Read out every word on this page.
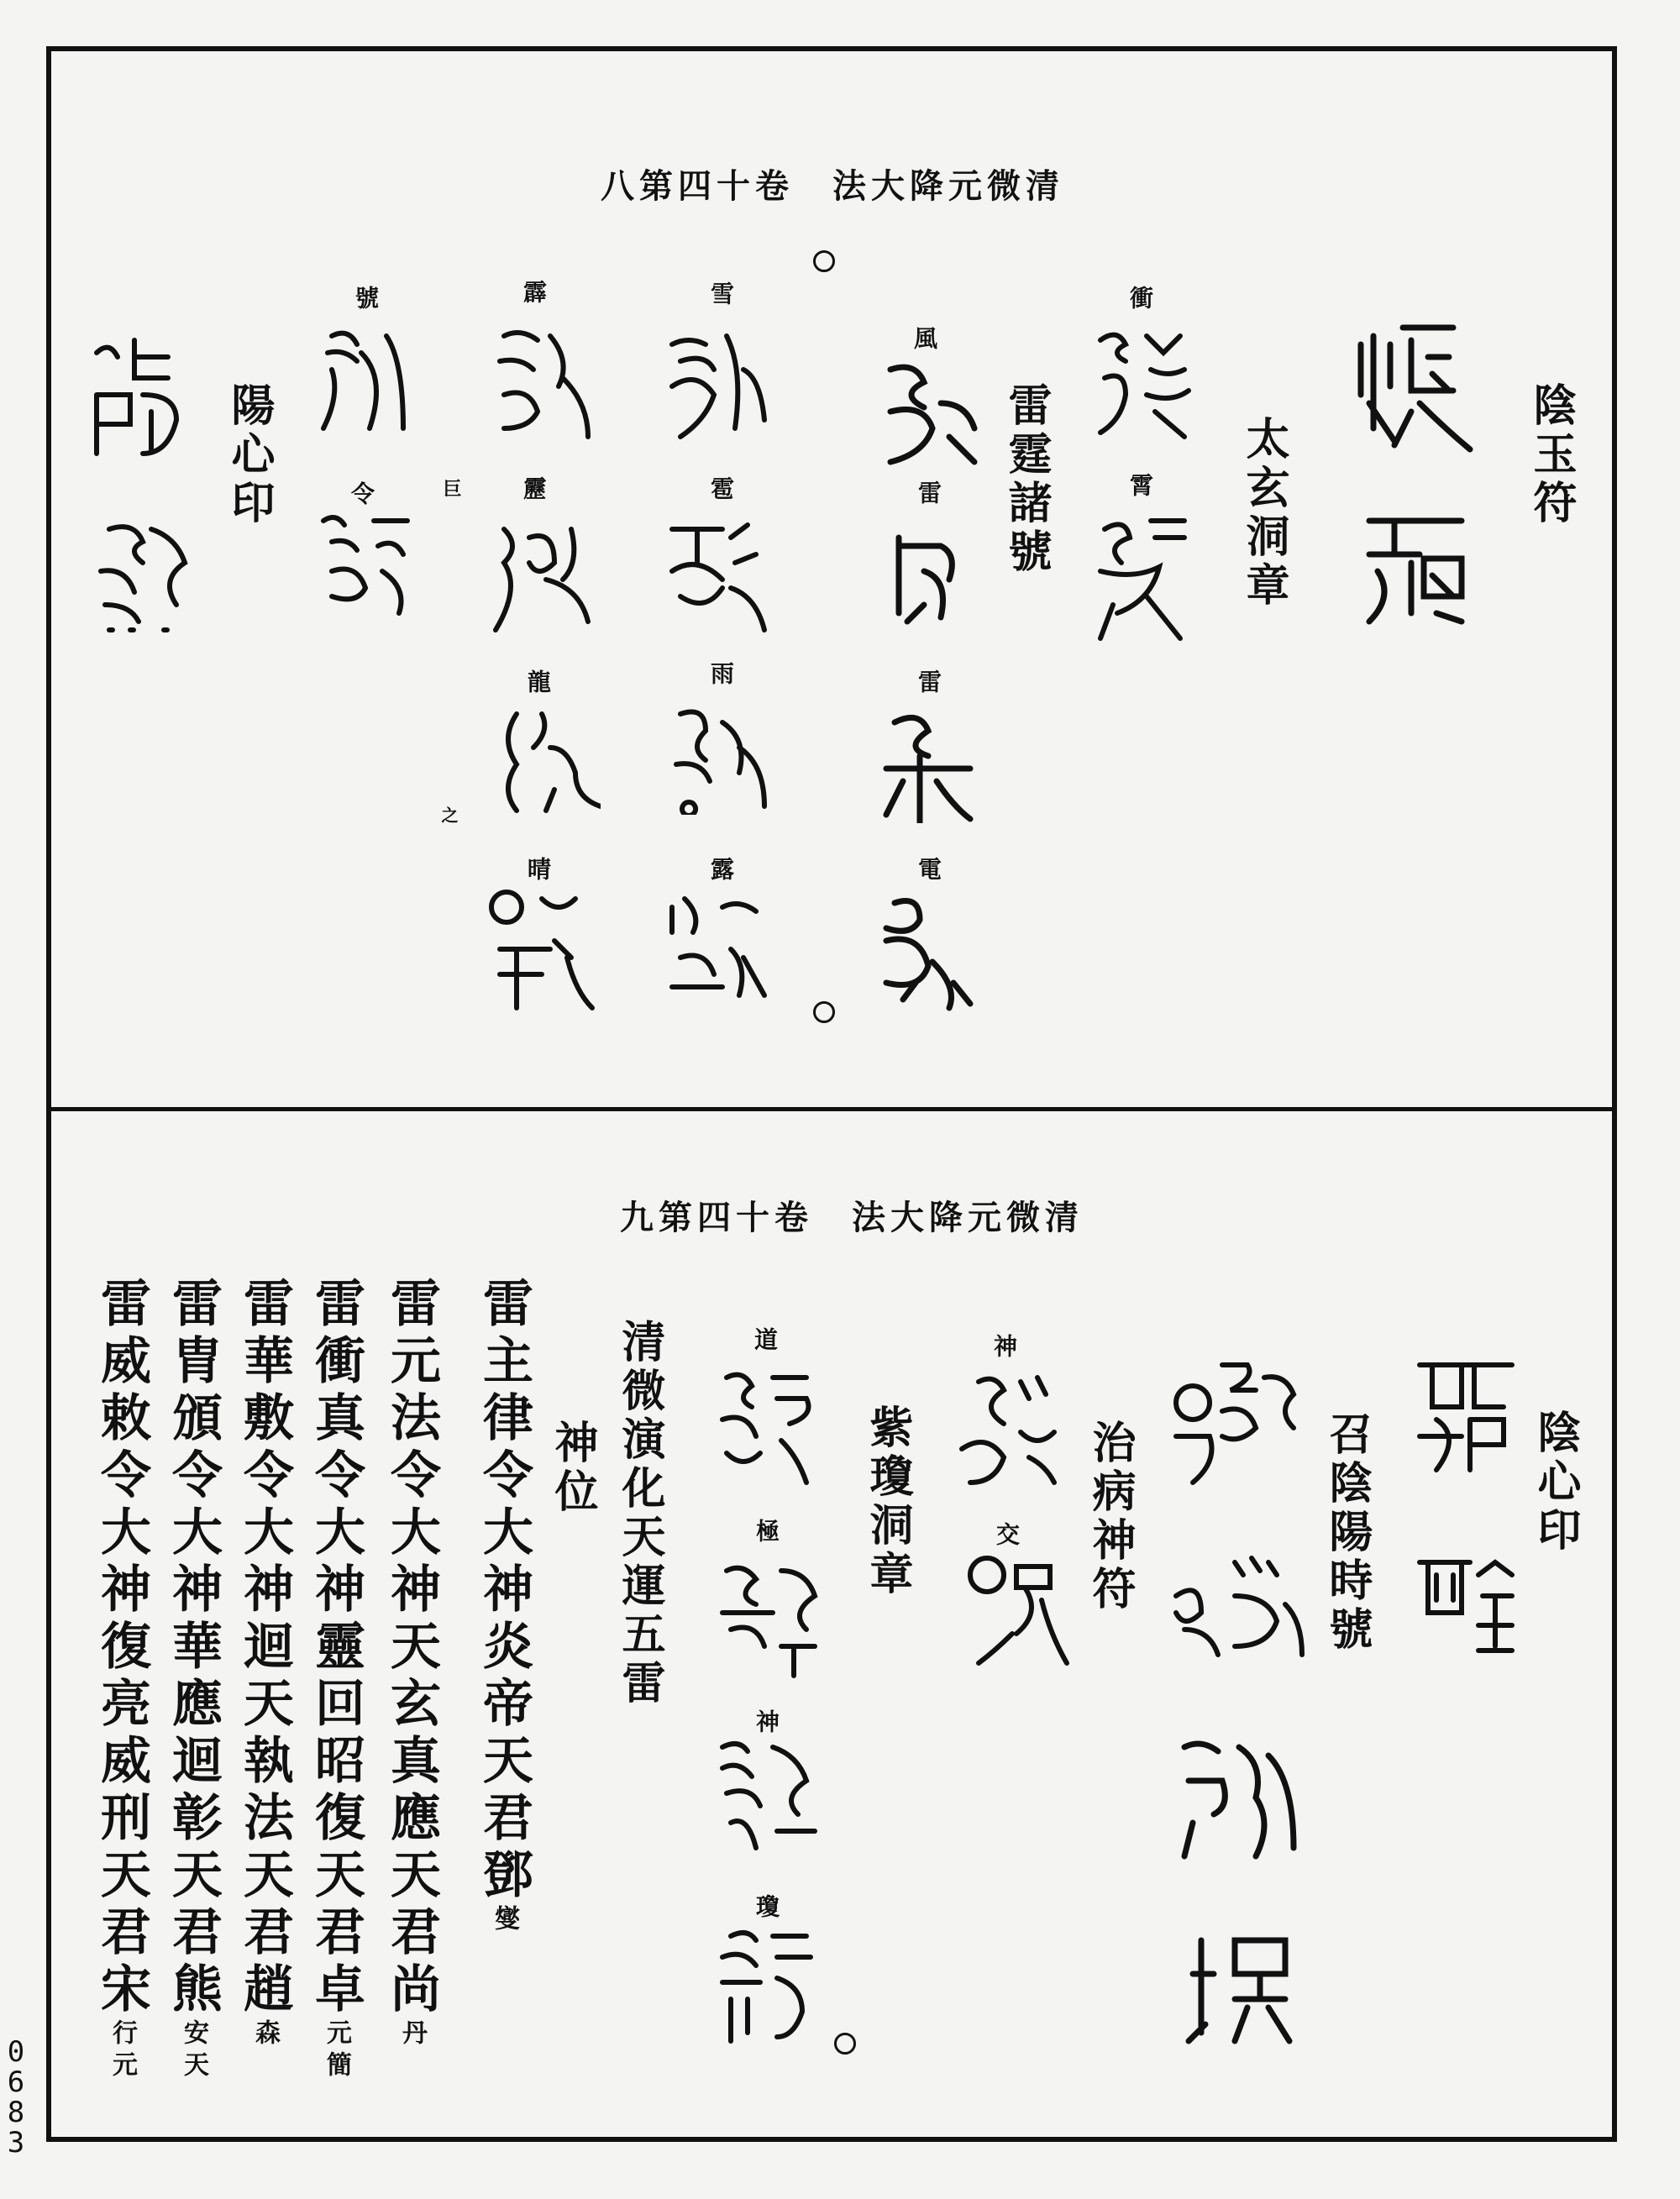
八第四十卷　法大降元微清
陰玉符
太玄洞章
雷霆諸號
陽心印
衝
霄
風
雷
雷
電
雪
雹
雨
露
霹
靂
龍
晴
號
令	巨
之
九第四十卷　法大降元微清
陰心印
召陰陽時號
治病神符
紫瓊洞章
清微演化天運五雷
神位
雷主律令大神炎帝天君鄧燮
雷元法令大神天玄真應天君尚丹
雷衝真令大神靈回昭復天君卓元簡
雷華敷令大神迴天執法天君趙森
雷胄頒令大神華應迴彰天君熊安天
雷威敕令大神復亮威刑天君宋行元
神
交
道
極
神
瓊
0683
